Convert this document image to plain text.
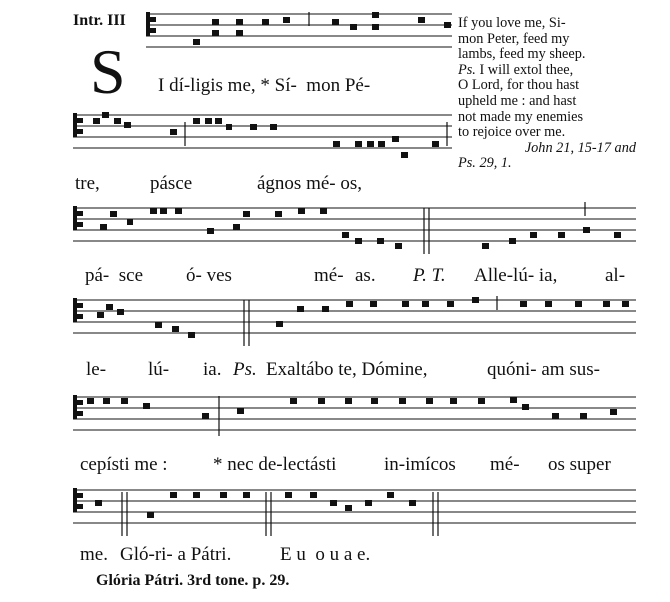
Intr. III
S
If you love me, Si-
mon Peter, feed my
lambs, feed my sheep.
Ps. I will extol thee,
O Lord, for thou hast
upheld me : and hast
not made my enemies
to rejoice over me.
John 21, 15-17 and
Ps. 29, 1.
I dí-ligis me, * Sí-  mon Pé-
tre,	pásce	ágnos mé- os,
pá-  sce ó- ves	mé- as. P. T. Alle-lú- ia,	al-
le- lú- ia. Ps. Exaltábo te, Dómine,	quóni- am sus-
cepísti me : * nec de-lectásti	in-imícos mé- os super
me. Gló-ri- a Pátri.	E u  o u a e.
Glória Pátri. 3rd tone. p. 29.
